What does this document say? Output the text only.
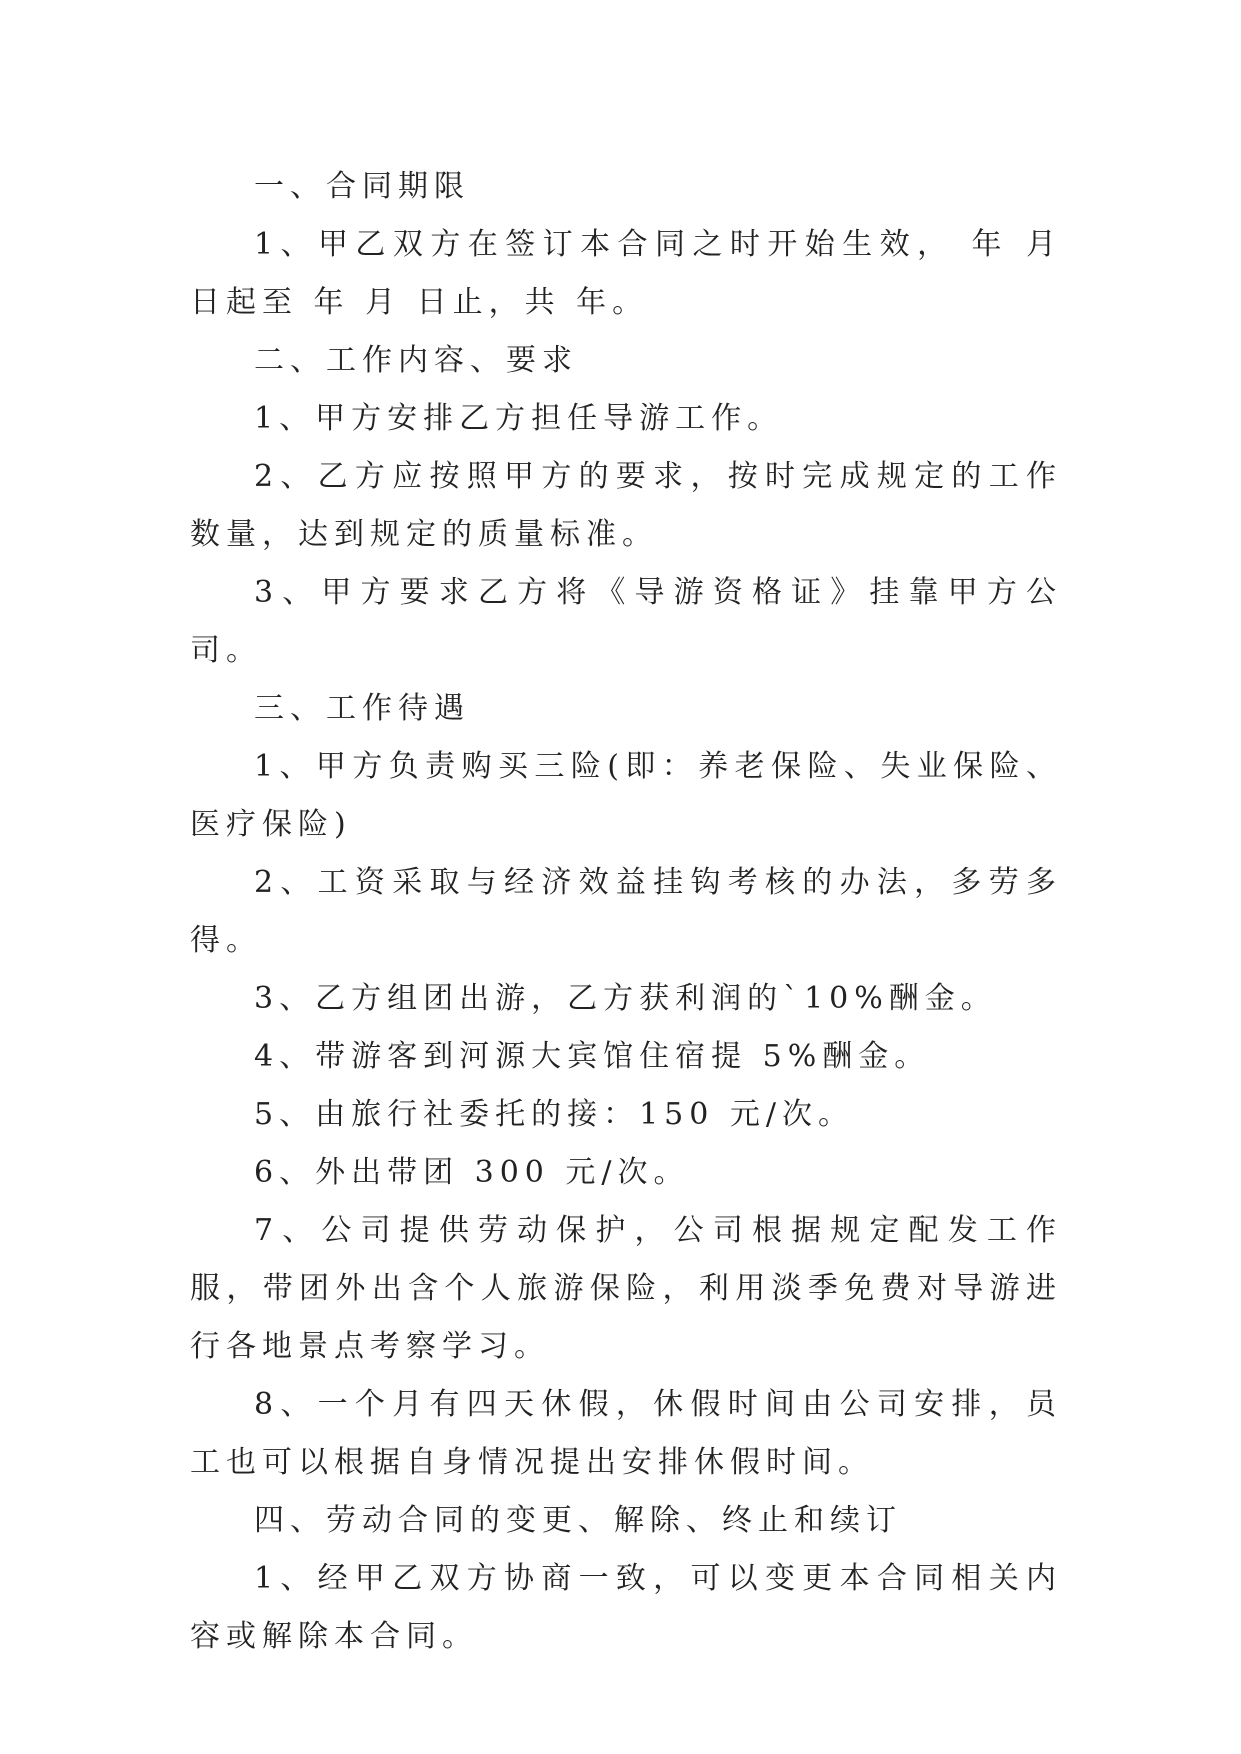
一、合同期限

1、甲乙双方在签订本合同之时开始生效， 年 月 日起至 年 月 日止，共 年。

二、工作内容、要求

1、甲方安排乙方担任导游工作。

2、乙方应按照甲方的要求，按时完成规定的工作数量，达到规定的质量标准。

3、甲方要求乙方将《导游资格证》挂靠甲方公司。

三、工作待遇

1、甲方负责购买三险(即：养老保险、失业保险、医疗保险)

2、工资采取与经济效益挂钩考核的办法，多劳多得。

3、乙方组团出游，乙方获利润的`10%酬金。

4、带游客到河源大宾馆住宿提 5%酬金。

5、由旅行社委托的接：150 元/次。

6、外出带团 300 元/次。

7、公司提供劳动保护，公司根据规定配发工作服，带团外出含个人旅游保险，利用淡季免费对导游进行各地景点考察学习。

8、一个月有四天休假，休假时间由公司安排，员工也可以根据自身情况提出安排休假时间。

四、劳动合同的变更、解除、终止和续订

1、经甲乙双方协商一致，可以变更本合同相关内容或解除本合同。
